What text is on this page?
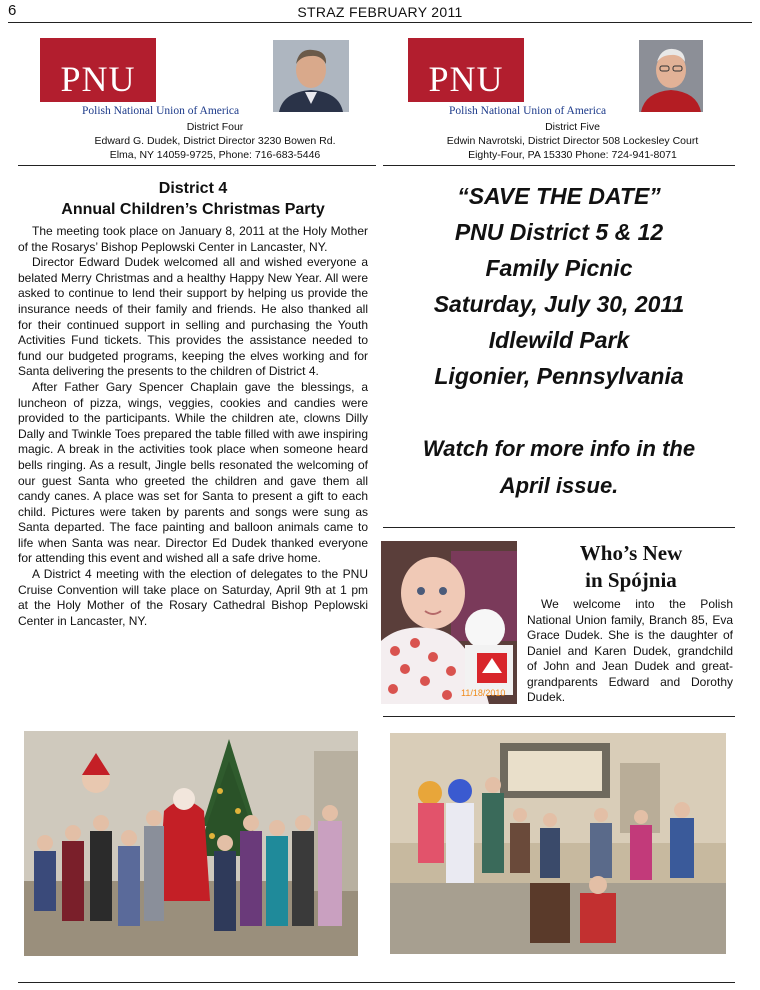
6	STRAZ FEBRUARY 2011
PNU
Polish National Union of America
District Four
Edward G. Dudek, District Director 3230 Bowen Rd.
Elma, NY 14059-9725, Phone: 716-683-5446
PNU
Polish National Union of America
District Five
Edwin Navrotski, District Director 508 Lockesley Court
Eighty-Four, PA 15330 Phone: 724-941-8071
District 4
Annual Children’s Christmas Party

The meeting took place on January 8, 2011 at the Holy Mother of the Rosarys’ Bishop Peplowski Center in Lancaster, NY.

Director Edward Dudek welcomed all and wished everyone a belated Merry Christmas and a healthy Happy New Year. All were asked to continue to lend their support by helping us provide the insurance needs of their family and friends. He also thanked all for their continued support in selling and purchasing the Youth Activities Fund tickets. This provides the assistance needed to fund our budgeted programs, keeping the elves working and for Santa delivering the presents to the children of District 4.

After Father Gary Spencer Chaplain gave the blessings, a luncheon of pizza, wings, veggies, cookies and candies were provided to the participants. While the children ate, clowns Dilly Dally and Twinkle Toes prepared the table filled with awe inspiring magic. A break in the activities took place when someone heard bells ringing. As a result, Jingle bells resonated the welcoming of our guest Santa who greeted the children and gave them all candy canes. A place was set for Santa to present a gift to each child. Pictures were taken by parents and songs were sung as Santa departed. The face painting and balloon animals came to life when Santa was near. Director Ed Dudek thanked everyone for attending this event and wished all a safe drive home.

A District 4 meeting with the election of delegates to the PNU Cruise Convention will take place on Saturday, April 9th at 1 pm at the Holy Mother of the Rosary Cathedral Bishop Peplowski Center in Lancaster, NY.

“SAVE THE DATE”
PNU District 5 & 12
Family Picnic
Saturday, July 30, 2011
Idlewild Park
Ligonier, Pennsylvania
Watch for more info in the
April issue.
11/18/2010
Who’s New
in Spójnia

We welcome into the Polish National Union family, Branch 85, Eva Grace Dudek. She is the daughter of Daniel and Karen Dudek, grandchild of John and Jean Dudek and great-grandparents Edward and Dorothy Dudek.
